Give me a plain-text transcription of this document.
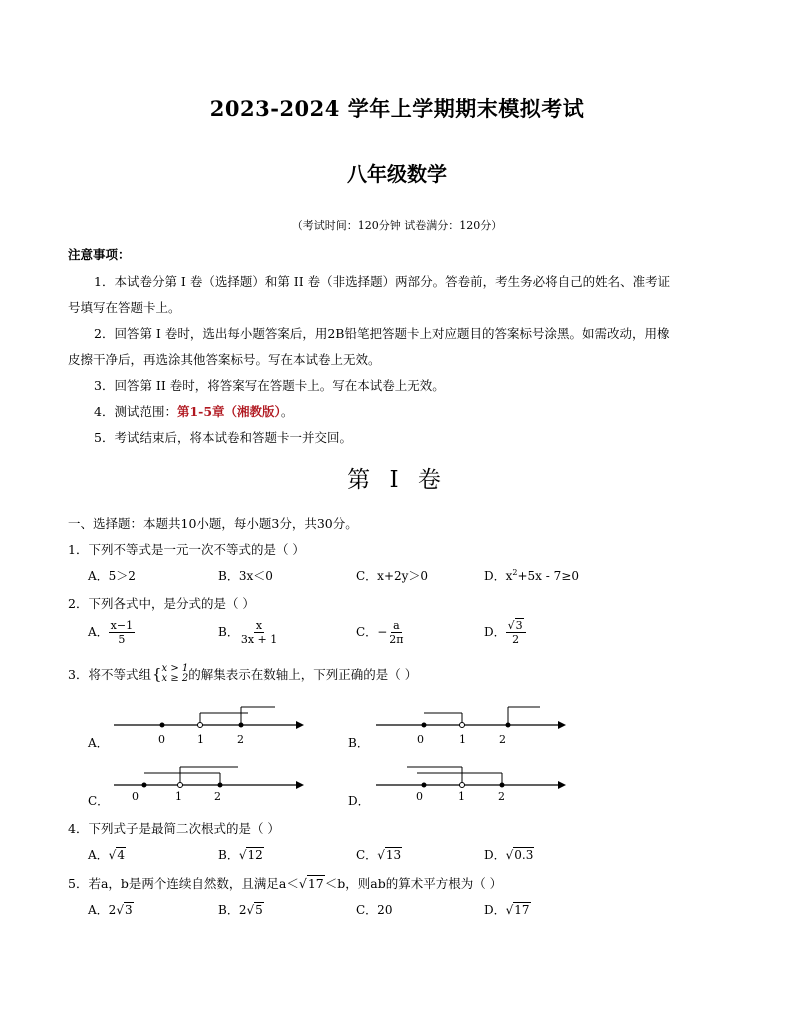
2023-2024 学年上学期期末模拟考试
八年级数学
（考试时间：120分钟 试卷满分：120分）
注意事项：
1．本试卷分第 I 卷（选择题）和第 II 卷（非选择题）两部分。答卷前，考生务必将自己的姓名、准考证
号填写在答题卡上。
2．回答第 I 卷时，选出每小题答案后，用2B铅笔把答题卡上对应题目的答案标号涂黑。如需改动，用橡
皮擦干净后，再选涂其他答案标号。写在本试卷上无效。
3．回答第 II 卷时，将答案写在答题卡上。写在本试卷上无效。
4．测试范围：第1-5章（湘教版）。
5．考试结束后，将本试卷和答题卡一并交回。
第 I 卷
一、选择题：本题共10小题，每小题3分，共30分。
1．下列不等式是一元一次不等式的是（ ）
A．5＞2	B．3x＜0	C．x+2y＞0	D．$x^2+5x - 7\ge 0$
2．下列各式中，是分式的是（ ）
A． $\frac{x-1}{5}$	B． $\frac{x}{3x + 1}$	C．− $\frac{a}{2\pi}$	D． $\frac{√3}{2}$
3．将不等式组 { x > 1
x ≥ 2 的解集表示在数轴上，下列正确的是（ ）
A．	0	1	2	B．	0	1	2
C． 0	1	2	D．	0	1	2
4．下列式子是最简二次根式的是（ ）
A．√4	B．√12	C．√13	D．√0.3
5．若a，b是两个连续自然数，且满足a＜√17＜b，则ab的算术平方根为（ ）
A．2√3	B．2√5	C．20	D．√17
